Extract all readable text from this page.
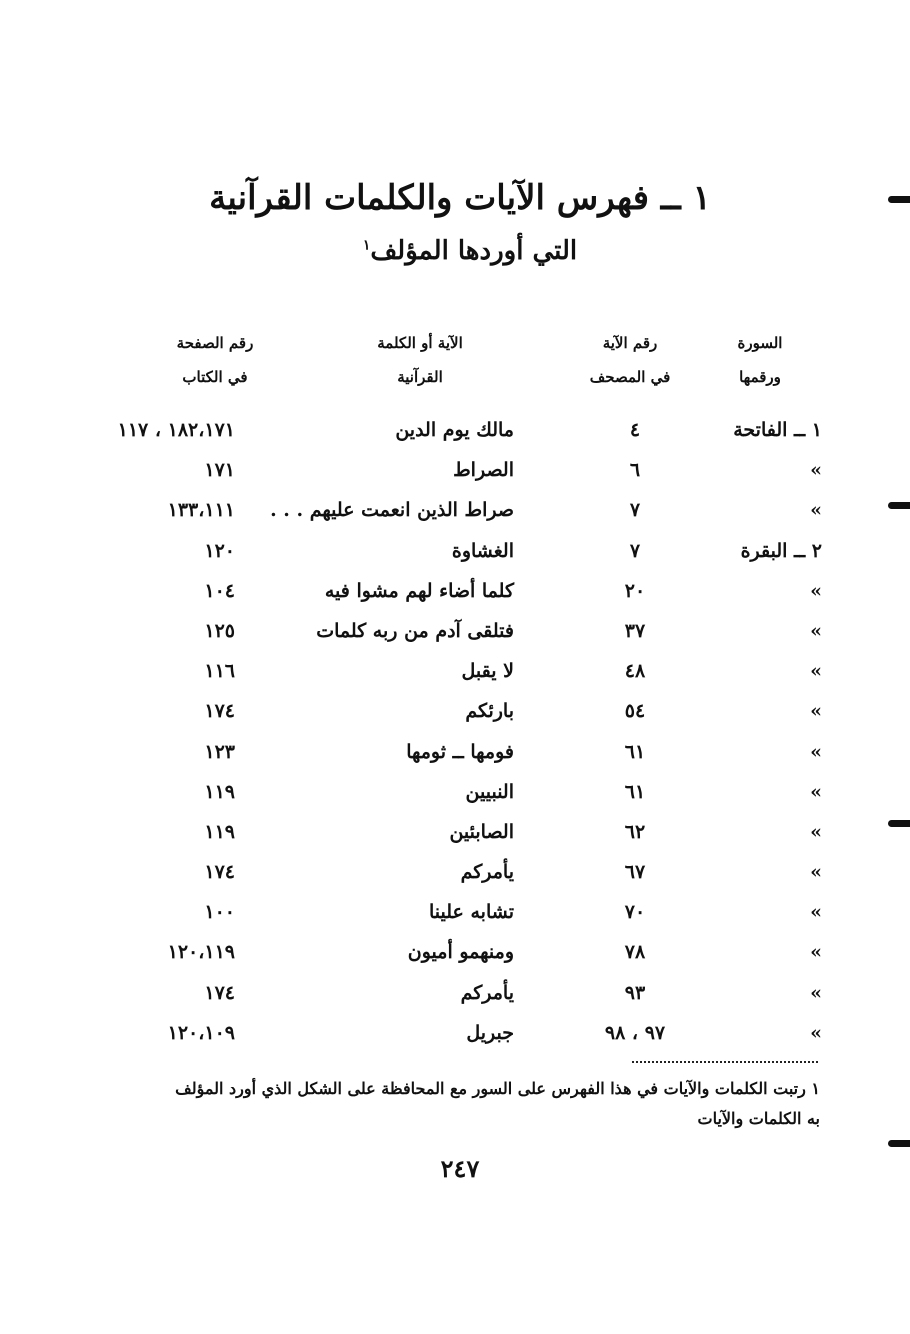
١ ــ فهرس الآيات والكلمات القرآنية
التي أوردها المؤلف$^١$
السورة
ورقمها
رقم الآية
في المصحف
الآية أو الكلمة
القرآنية
رقم الصفحة
في الكتاب
١ ــ الفاتحة
٤
مالك يوم الدين
١٨٢،١٧١ ، ١١٧
»
٦
الصراط
١٧١
»
٧
صراط الذين انعمت عليهم . . .
١٣٣،١١١
٢ ــ البقرة
٧
الغشاوة
١٢٠
»
٢٠
كلما أضاء لهم مشوا فيه
١٠٤
»
٣٧
فتلقى آدم من ربه كلمات
١٢٥
»
٤٨
لا يقبل
١١٦
»
٥٤
بارئكم
١٧٤
»
٦١
فومها ــ ثومها
١٢٣
»
٦١
النبيين
١١٩
»
٦٢
الصابئين
١١٩
»
٦٧
يأمركم
١٧٤
»
٧٠
تشابه علينا
١٠٠
»
٧٨
ومنهمو أميون
١٢٠،١١٩
»
٩٣
يأمركم
١٧٤
»
٩٧ ، ٩٨
جبريل
١٢٠،١٠٩
١ رتبت الكلمات والآيات في هذا الفهرس على السور مع المحافظة على الشكل الذي أورد المؤلف
به الكلمات والآيات
٢٤٧
